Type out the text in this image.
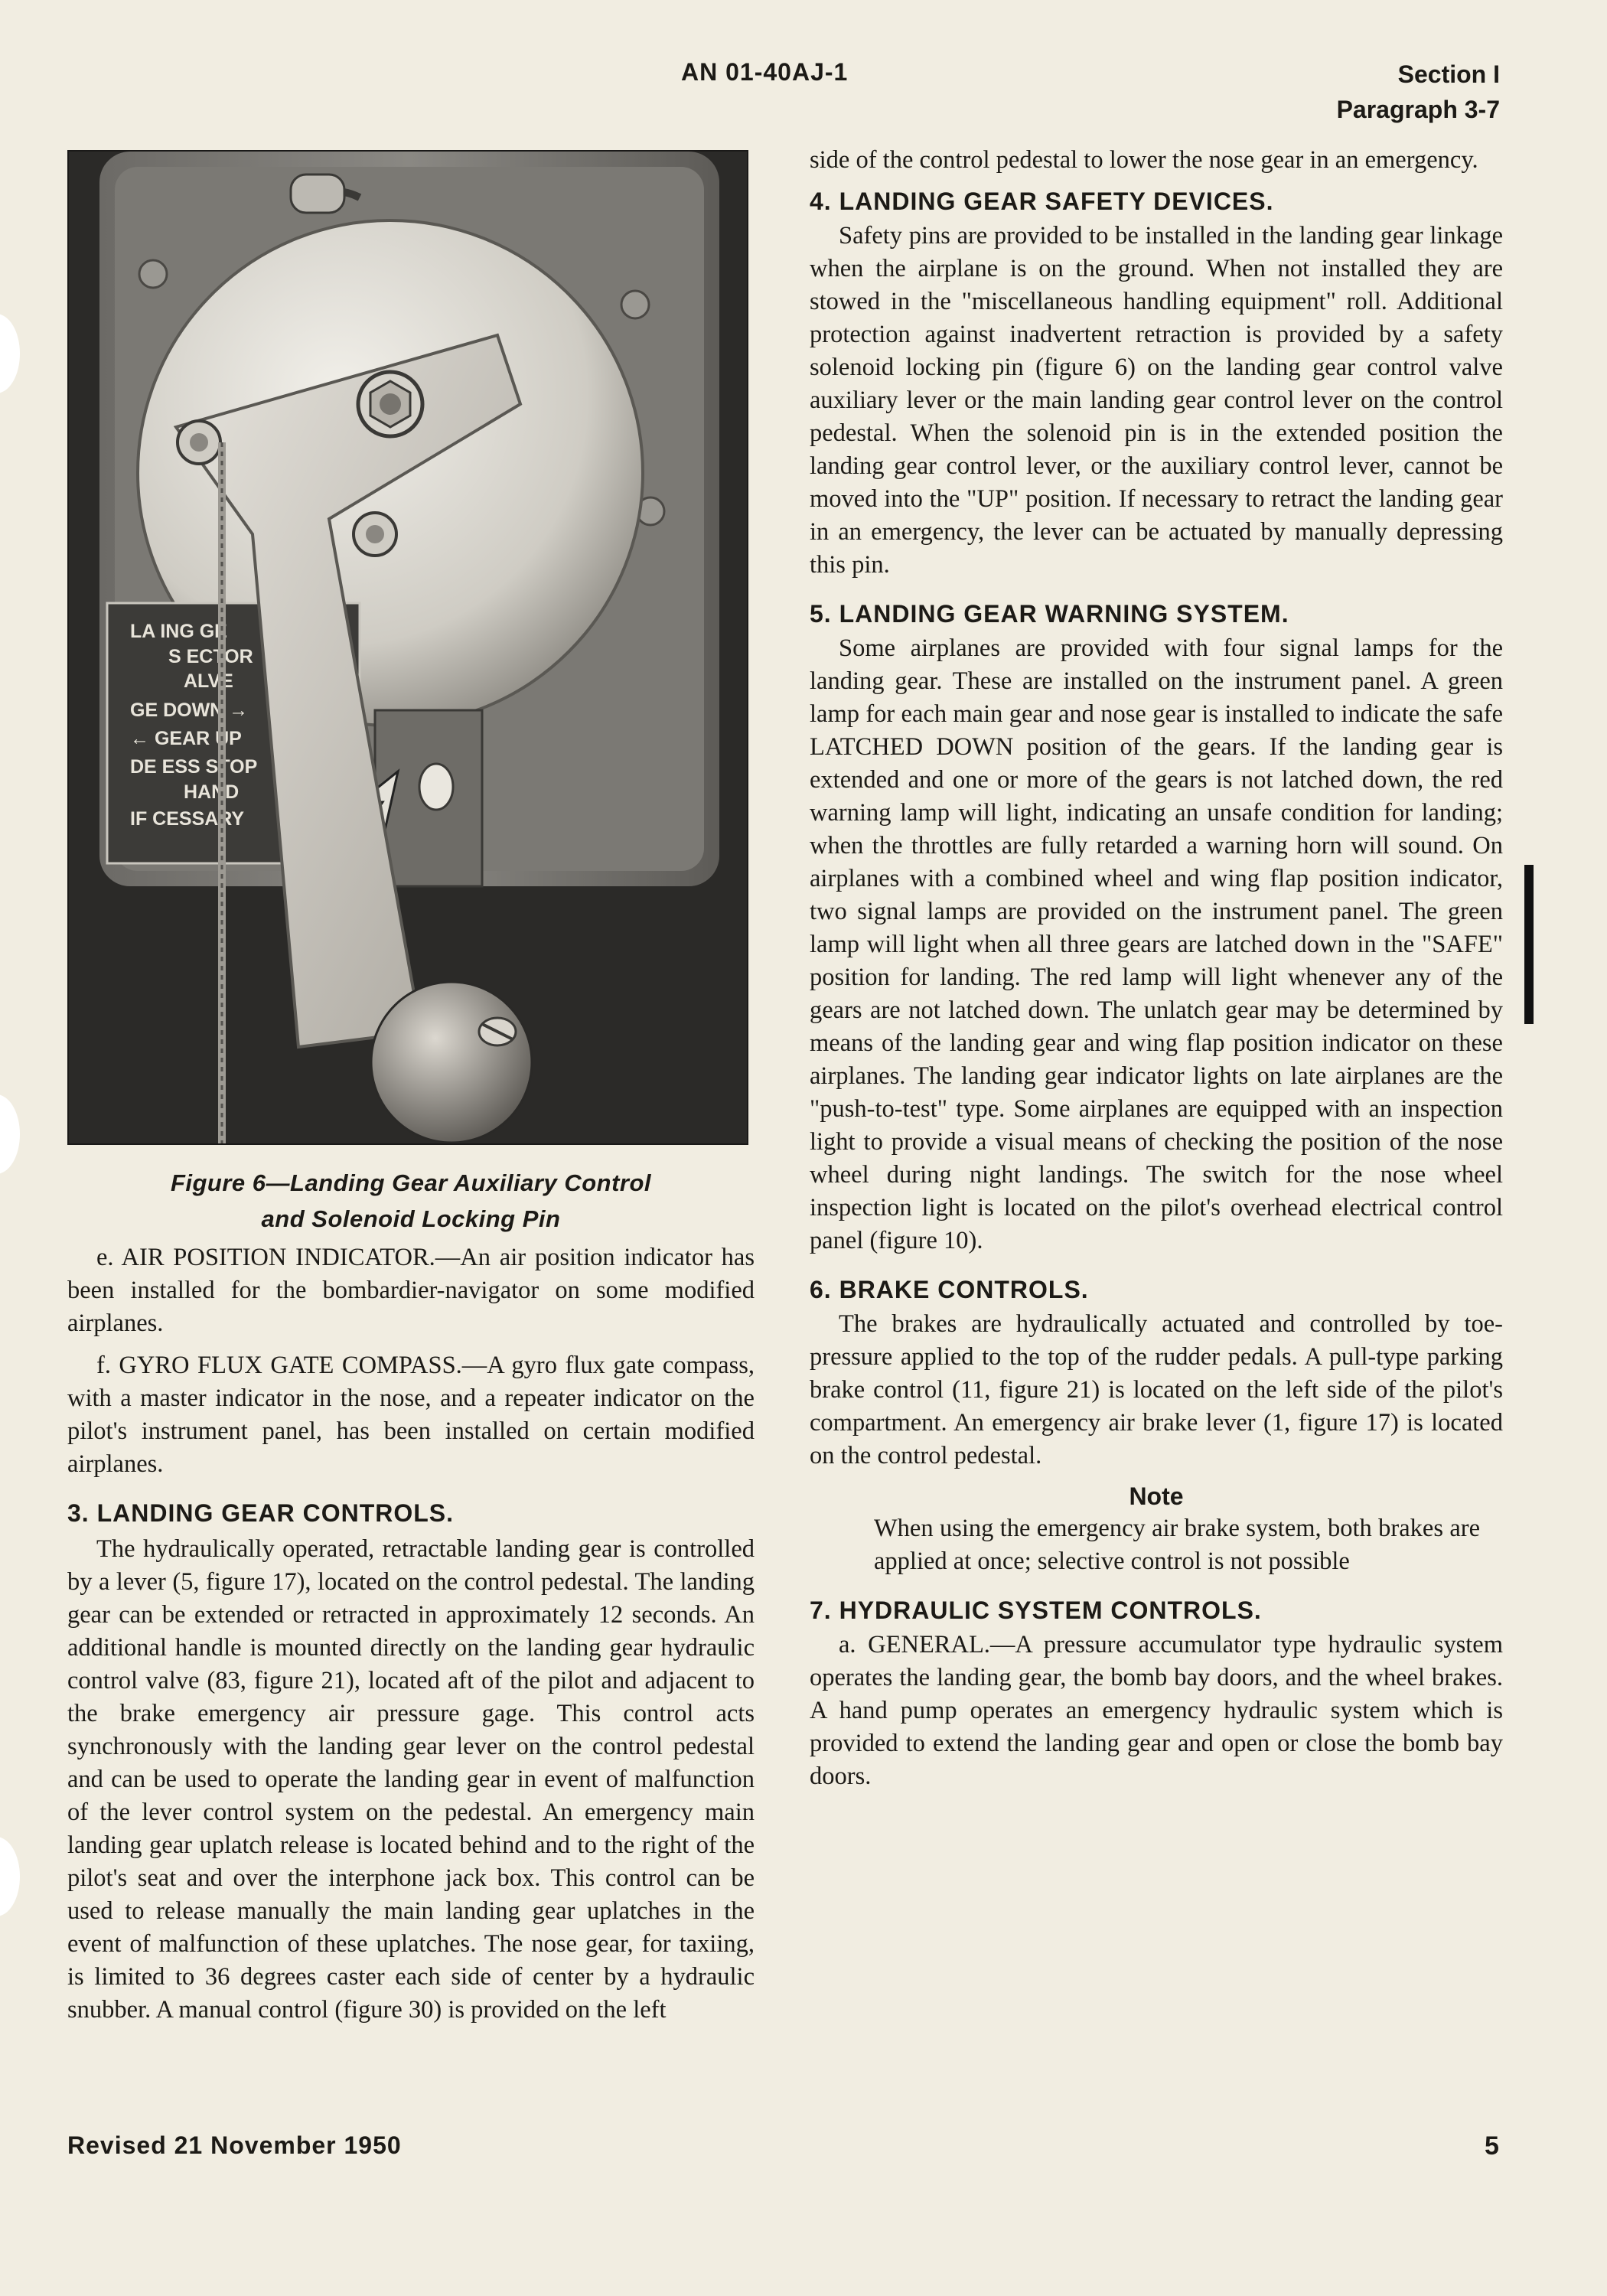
AN 01-40AJ-1	Section I
Paragraph 3-7
LA ING GE
S ECTOR
ALVE
GE DOWN →
← GEAR UP
DE ESS STOP
HAND
IF CESSARY
Figure 6—Landing Gear Auxiliary Control
and Solenoid Locking Pin

e. AIR POSITION INDICATOR.—An air position indicator has been installed for the bombardier-navigator on some modified airplanes.

f. GYRO FLUX GATE COMPASS.—A gyro flux gate compass, with a master indicator in the nose, and a repeater indicator on the pilot's instrument panel, has been installed on certain modified airplanes.

3. LANDING GEAR CONTROLS.

The hydraulically operated, retractable landing gear is controlled by a lever (5, figure 17), located on the control pedestal. The landing gear can be extended or retracted in approximately 12 seconds. An additional handle is mounted directly on the landing gear hydraulic control valve (83, figure 21), located aft of the pilot and adjacent to the brake emergency air pressure gage. This control acts synchronously with the landing gear lever on the control pedestal and can be used to operate the landing gear in event of malfunction of the lever control system on the pedestal. An emergency main landing gear uplatch release is located behind and to the right of the pilot's seat and over the interphone jack box. This control can be used to release manually the main landing gear uplatches in the event of malfunction of these uplatches. The nose gear, for taxiing, is limited to 36 degrees caster each side of center by a hydraulic snubber. A manual control (figure 30) is provided on the left

side of the control pedestal to lower the nose gear in an emergency.

4. LANDING GEAR SAFETY DEVICES.

Safety pins are provided to be installed in the landing gear linkage when the airplane is on the ground. When not installed they are stowed in the "miscellaneous handling equipment" roll. Additional protection against inadvertent retraction is provided by a safety solenoid locking pin (figure 6) on the landing gear control valve auxiliary lever or the main landing gear control lever on the control pedestal. When the solenoid pin is in the extended position the landing gear control lever, or the auxiliary control lever, cannot be moved into the "UP" position. If necessary to retract the landing gear in an emergency, the lever can be actuated by manually depressing this pin.

5. LANDING GEAR WARNING SYSTEM.

Some airplanes are provided with four signal lamps for the landing gear. These are installed on the instrument panel. A green lamp for each main gear and nose gear is installed to indicate the safe LATCHED DOWN position of the gears. If the landing gear is extended and one or more of the gears is not latched down, the red warning lamp will light, indicating an unsafe condition for landing; when the throttles are fully retarded a warning horn will sound. On airplanes with a combined wheel and wing flap position indicator, two signal lamps are provided on the instrument panel. The green lamp will light when all three gears are latched down in the "SAFE" position for landing. The red lamp will light whenever any of the gears are not latched down. The unlatch gear may be determined by means of the landing gear and wing flap position indicator on these airplanes. The landing gear indicator lights on late airplanes are the "push-to-test" type. Some airplanes are equipped with an inspection light to provide a visual means of checking the position of the nose wheel during night landings. The switch for the nose wheel inspection light is located on the pilot's overhead electrical control panel (figure 10).

6. BRAKE CONTROLS.

The brakes are hydraulically actuated and controlled by toe-pressure applied to the top of the rudder pedals. A pull-type parking brake control (11, figure 21) is located on the left side of the pilot's compartment. An emergency air brake lever (1, figure 17) is located on the control pedestal.

Note
When using the emergency air brake system, both brakes are applied at once; selective control is not possible
7. HYDRAULIC SYSTEM CONTROLS.

a. GENERAL.—A pressure accumulator type hydraulic system operates the landing gear, the bomb bay doors, and the wheel brakes. A hand pump operates an emergency hydraulic system which is provided to extend the landing gear and open or close the bomb bay doors.

Revised 21 November 1950	5
